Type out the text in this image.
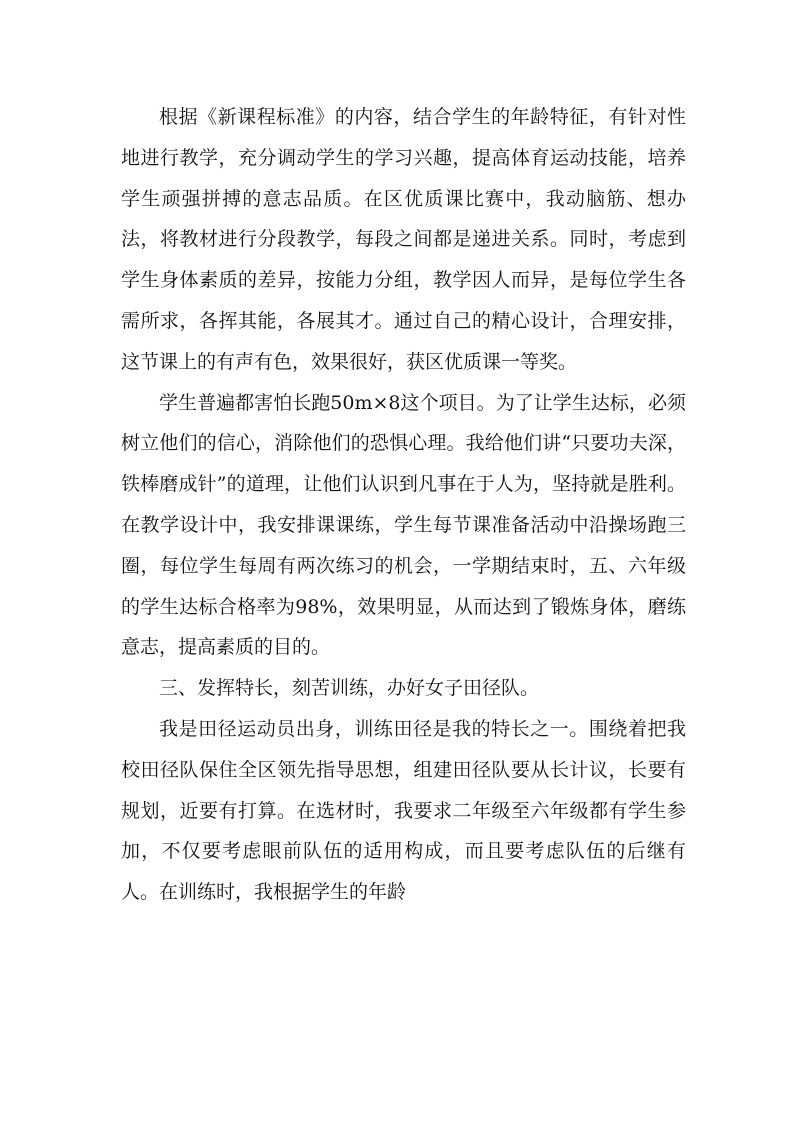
根据《新课程标准》的内容，结合学生的年龄特征，有针对性地进行教学，充分调动学生的学习兴趣，提高体育运动技能，培养学生顽强拼搏的意志品质。在区优质课比赛中，我动脑筋、想办法，将教材进行分段教学，每段之间都是递进关系。同时，考虑到学生身体素质的差异，按能力分组，教学因人而异，是每位学生各需所求，各挥其能，各展其才。通过自己的精心设计，合理安排，这节课上的有声有色，效果很好，获区优质课一等奖。

学生普遍都害怕长跑50m×8这个项目。为了让学生达标，必须树立他们的信心，消除他们的恐惧心理。我给他们讲“只要功夫深，铁棒磨成针”的道理，让他们认识到凡事在于人为，坚持就是胜利。在教学设计中，我安排课课练，学生每节课准备活动中沿操场跑三圈，每位学生每周有两次练习的机会，一学期结束时，五、六年级的学生达标合格率为98%，效果明显，从而达到了锻炼身体，磨练意志，提高素质的目的。

三、发挥特长，刻苦训练，办好女子田径队。

我是田径运动员出身，训练田径是我的特长之一。围绕着把我校田径队保住全区领先指导思想，组建田径队要从长计议，长要有规划，近要有打算。在选材时，我要求二年级至六年级都有学生参加，不仅要考虑眼前队伍的适用构成，而且要考虑队伍的后继有人。在训练时，我根据学生的年龄
